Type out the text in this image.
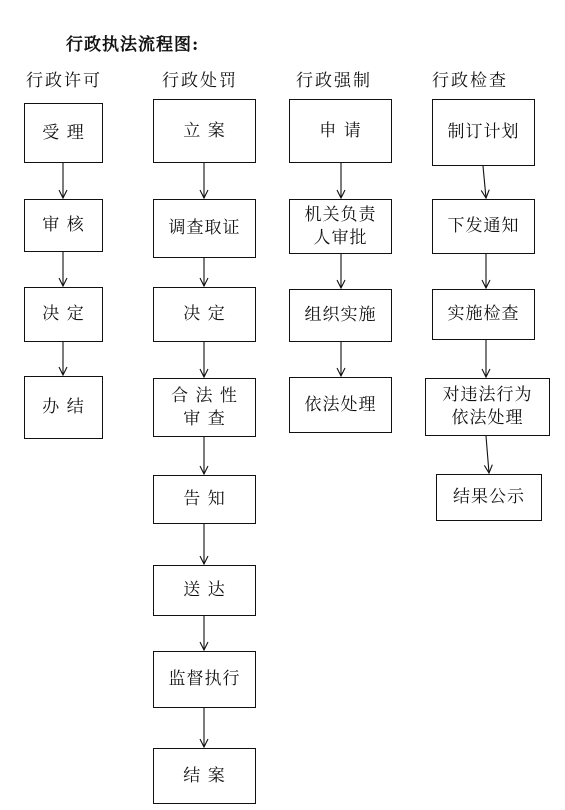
行政执法流程图:
行政许可	行政处罚	行政强制	行政检查
受 理
审 核
决 定
办 结
立 案
调查取证
决 定
合 法 性
审 查
告 知
送 达
监督执行
结 案
申 请
机关负责
人审批
组织实施
依法处理
制订计划
下发通知
实施检查
对违法行为
依法处理
结果公示
